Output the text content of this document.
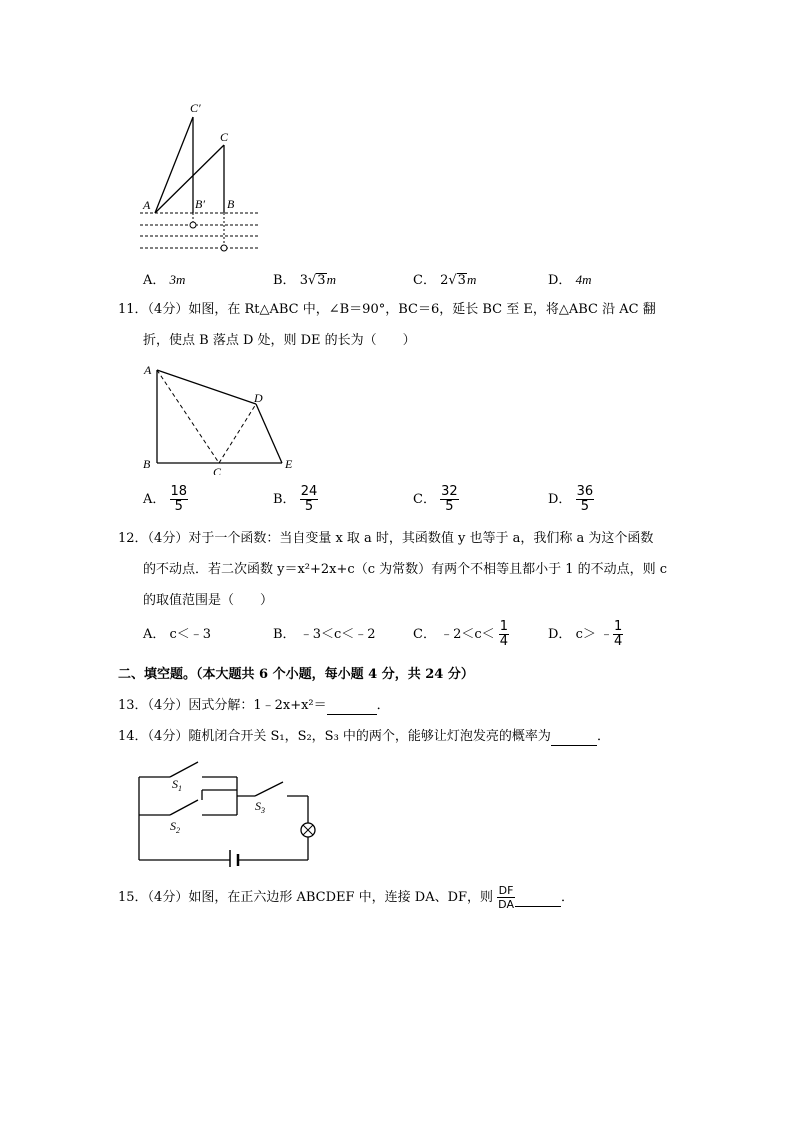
C′
C
A	B′ B
A． 3m	B． 3√3m	C． 2√3m	D． 4m
11．（4分）如图，在 Rt△ABC 中，∠B＝90°，BC＝6，延长 BC 至 E，将△ABC 沿 AC 翻
折，使点 B 落点 D 处，则 DE 的长为（　　）
A
B
C
D
E
A． $\frac{18}{5}$	B． $\frac{24}{5}$	C． $\frac{32}{5}$	D． $\frac{36}{5}$
12．（4分）对于一个函数：当自变量 x 取 a 时，其函数值 y 也等于 a，我们称 a 为这个函数
的不动点．若二次函数 y＝x²+2x+c（c 为常数）有两个不相等且都小于 1 的不动点，则 c
的取值范围是（　　）
A． c＜﹣3	B． ﹣3＜c＜﹣2	C． ﹣2＜c＜ $\frac{1}{4}$	D． c＞ ﹣ $\frac{1}{4}$
二、填空题。（本大题共 6 个小题，每小题 4 分，共 24 分）
13．（4分）因式分解：1﹣2x+x²＝	．
14．（4分）随机闭合开关 S₁，S₂，S₃ 中的两个，能够让灯泡发亮的概率为	．
$S_1$
$S_2$
$S_3$
15．（4分）如图，在正六边形 ABCDEF 中，连接 DA、DF，则 $\frac{DF}{DA}$	．
